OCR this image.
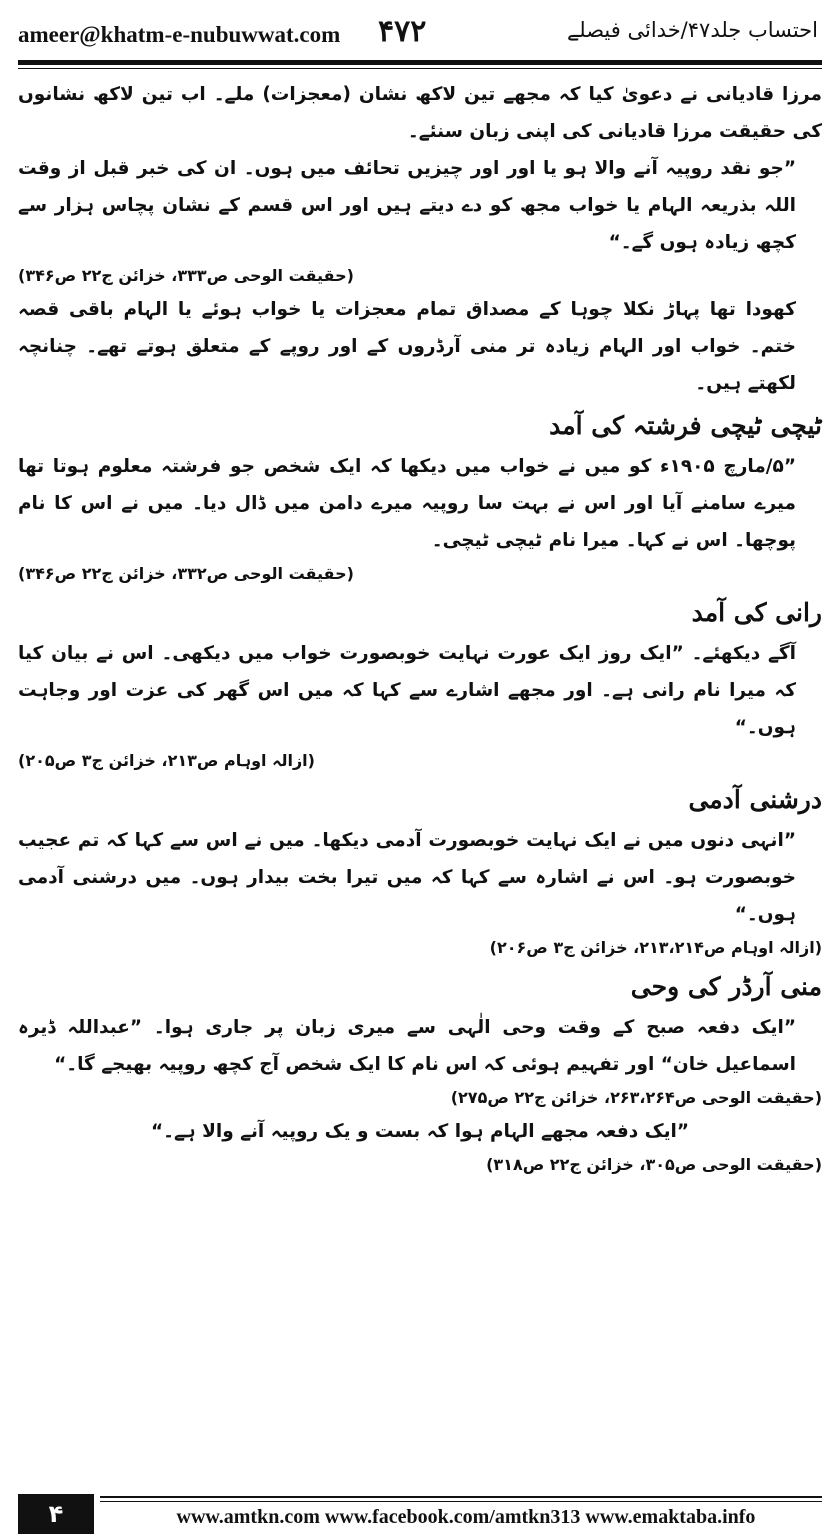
ameer@khatm-e-nubuwwat.com ۴۷۲	احتساب جلد۴۷/خدائی فیصلے

مرزا قادیانی نے دعویٰ کیا کہ مجھے تین لاکھ نشان (معجزات) ملے۔ اب تین لاکھ نشانوں کی حقیقت مرزا قادیانی کی اپنی زبان سنئے۔

”جو نقد روپیہ آنے والا ہو یا اور اور چیزیں تحائف میں ہوں۔ ان کی خبر قبل از وقت اللہ بذریعہ الہام یا خواب مجھ کو دے دیتے ہیں اور اس قسم کے نشان پچاس ہزار سے کچھ زیادہ ہوں گے۔“

(حقیقت الوحی ص۳۳۳، خزائن ج۲۲ ص۳۴۶)

کھودا تھا پہاڑ نکلا چوہا کے مصداق تمام معجزات یا خواب ہوئے یا الہام باقی قصہ ختم۔ خواب اور الہام زیادہ تر منی آرڈروں کے اور روپے کے متعلق ہوتے تھے۔ چنانچہ لکھتے ہیں۔

ٹیچی ٹیچی فرشتہ کی آمد

”۵/مارچ ۱۹۰۵ء کو میں نے خواب میں دیکھا کہ ایک شخص جو فرشتہ معلوم ہوتا تھا میرے سامنے آیا اور اس نے بہت سا روپیہ میرے دامن میں ڈال دیا۔ میں نے اس کا نام پوچھا۔ اس نے کہا۔ میرا نام ٹیچی ٹیچی۔

(حقیقت الوحی ص۳۳۲، خزائن ج۲۲ ص۳۴۶)

رانی کی آمد

آگے دیکھئے۔ ”ایک روز ایک عورت نہایت خوبصورت خواب میں دیکھی۔ اس نے بیان کیا کہ میرا نام رانی ہے۔ اور مجھے اشارے سے کہا کہ میں اس گھر کی عزت اور وجاہت ہوں۔“

(ازالہ اوہام ص۲۱۳، خزائن ج۳ ص۲۰۵)

درشنی آدمی

”انہی دنوں میں نے ایک نہایت خوبصورت آدمی دیکھا۔ میں نے اس سے کہا کہ تم عجیب خوبصورت ہو۔ اس نے اشارہ سے کہا کہ میں تیرا بخت بیدار ہوں۔ میں درشنی آدمی ہوں۔“

(ازالہ اوہام ص۲۱۳،۲۱۴، خزائن ج۳ ص۲۰۶)

منی آرڈر کی وحی

”ایک دفعہ صبح کے وقت وحی الٰہی سے میری زبان پر جاری ہوا۔ ”عبداللہ ڈیرہ اسماعیل خان“ اور تفہیم ہوئی کہ اس نام کا ایک شخص آج کچھ روپیہ بھیجے گا۔“

(حقیقت الوحی ص۲۶۳،۲۶۴، خزائن ج۲۲ ص۲۷۵)

”ایک دفعہ مجھے الہام ہوا کہ بست و یک روپیہ آنے والا ہے۔“

(حقیقت الوحی ص۳۰۵، خزائن ج۲۲ ص۳۱۸)

۴	www.amtkn.com www.facebook.com/amtkn313 www.emaktaba.info
